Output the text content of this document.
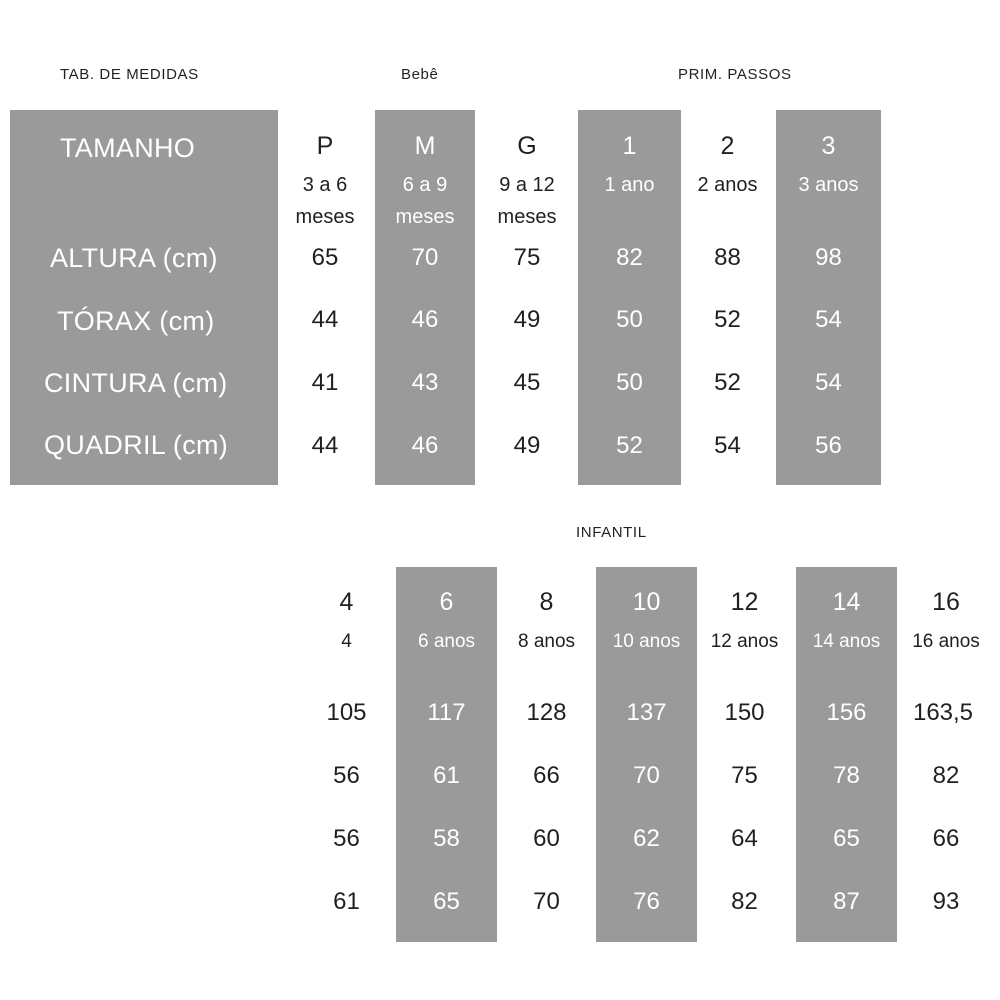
TAB. DE MEDIDAS	Bebê	PRIM. PASSOS
TAMANHO
ALTURA (cm)
TÓRAX (cm)
CINTURA (cm)
QUADRIL (cm)
P
3 a 6
meses
65
44
41
44
M
6 a 9
meses
70
46
43
46
G
9 a 12
meses
75
49
45
49
1
1 ano
82
50
50
52
2
2 anos
88
52
52
54
3
3 anos
98
54
54
56
INFANTIL
4
4
105
56
56
61
6
6 anos
117
61
58
65
8
8 anos
128
66
60
70
10
10 anos
137
70
62
76
12
12 anos
150
75
64
82
14
14 anos
156
78
65
87
16
16 anos
163,5
82
66
93
